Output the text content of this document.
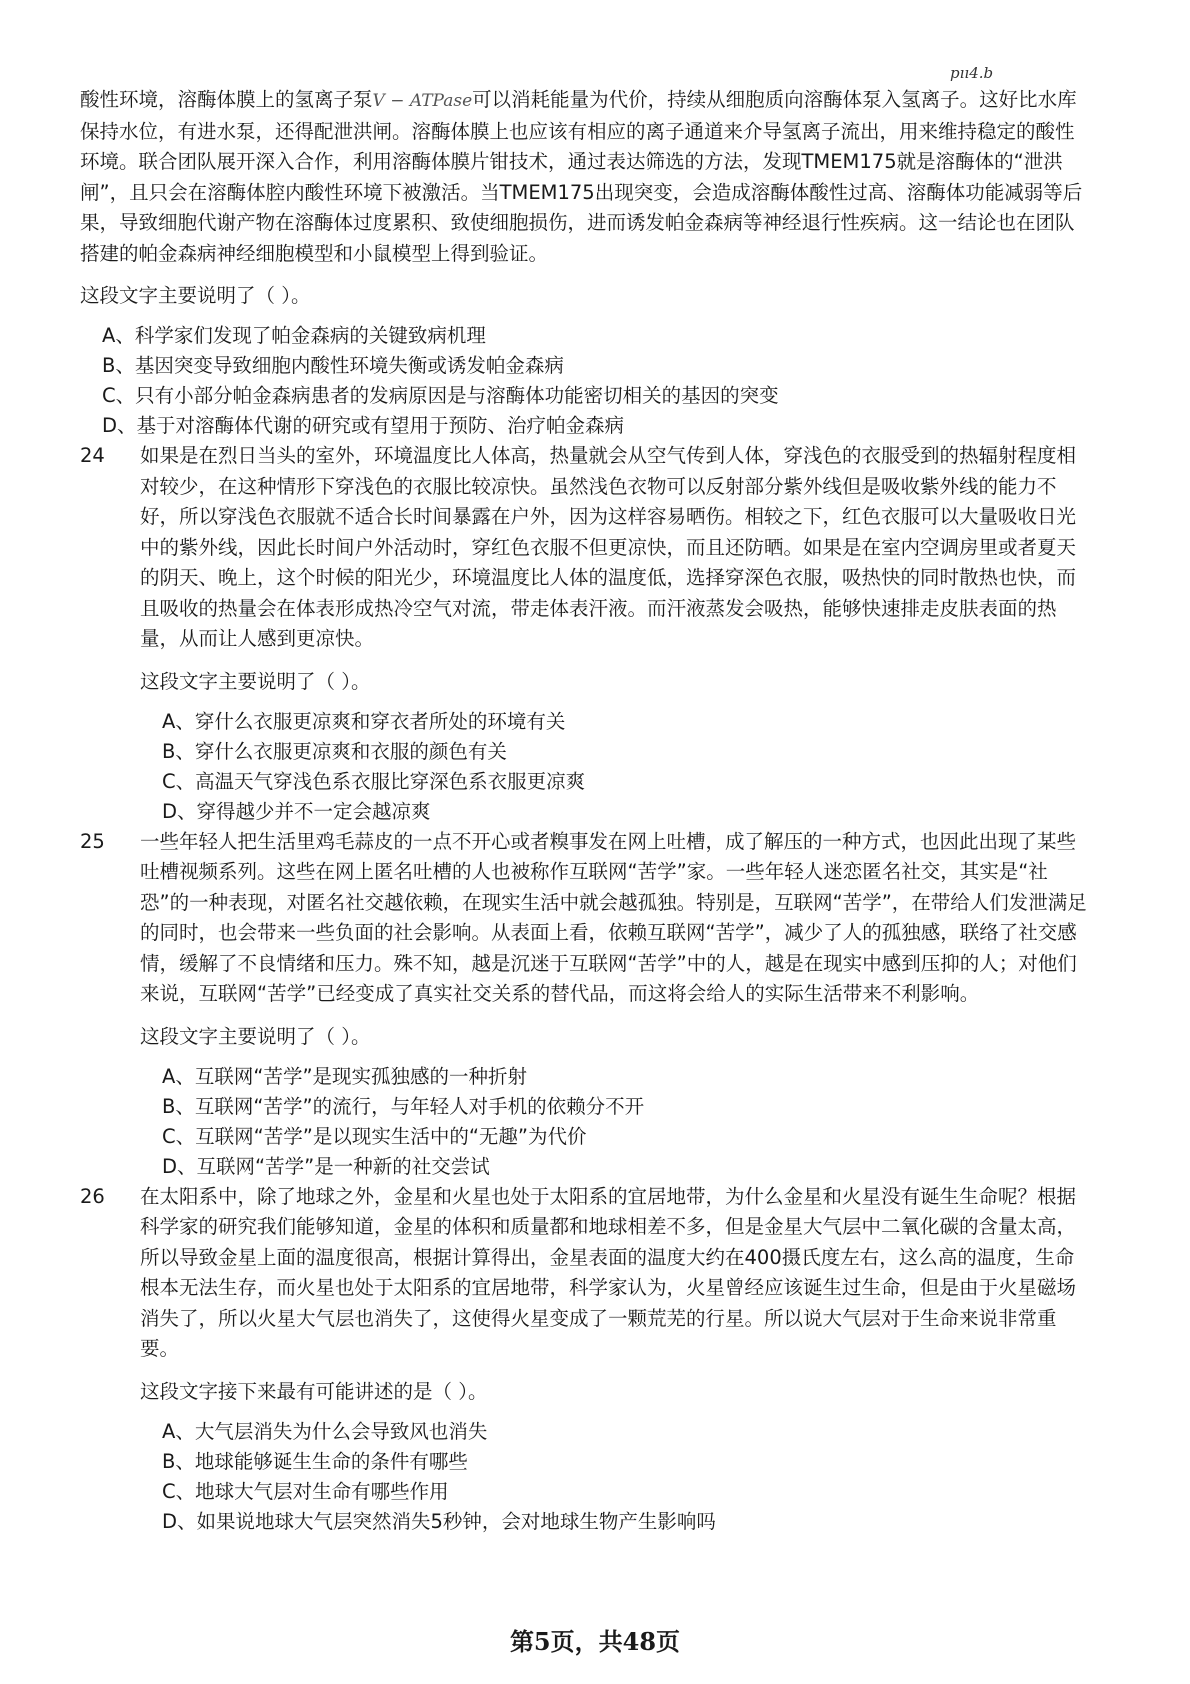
pıı4.b

酸性环境，溶酶体膜上的氢离子泵V − ATPase可以消耗能量为代价，持续从细胞质向溶酶体泵入氢离子。这好比水库保持水位，有进水泵，还得配泄洪闸。溶酶体膜上也应该有相应的离子通道来介导氢离子流出，用来维持稳定的酸性环境。联合团队展开深入合作，利用溶酶体膜片钳技术，通过表达筛选的方法，发现TMEM175就是溶酶体的“泄洪闸”，且只会在溶酶体腔内酸性环境下被激活。当TMEM175出现突变，会造成溶酶体酸性过高、溶酶体功能减弱等后果，导致细胞代谢产物在溶酶体过度累积、致使细胞损伤，进而诱发帕金森病等神经退行性疾病。这一结论也在团队搭建的帕金森病神经细胞模型和小鼠模型上得到验证。

这段文字主要说明了（ ）。

A、科学家们发现了帕金森病的关键致病机理

B、基因突变导致细胞内酸性环境失衡或诱发帕金森病

C、只有小部分帕金森病患者的发病原因是与溶酶体功能密切相关的基因的突变

D、基于对溶酶体代谢的研究或有望用于预防、治疗帕金森病

24 如果是在烈日当头的室外，环境温度比人体高，热量就会从空气传到人体，穿浅色的衣服受到的热辐射程度相对较少，在这种情形下穿浅色的衣服比较凉快。虽然浅色衣物可以反射部分紫外线但是吸收紫外线的能力不好，所以穿浅色衣服就不适合长时间暴露在户外，因为这样容易晒伤。相较之下，红色衣服可以大量吸收日光中的紫外线，因此长时间户外活动时，穿红色衣服不但更凉快，而且还防晒。如果是在室内空调房里或者夏天的阴天、晚上，这个时候的阳光少，环境温度比人体的温度低，选择穿深色衣服，吸热快的同时散热也快，而且吸收的热量会在体表形成热冷空气对流，带走体表汗液。而汗液蒸发会吸热，能够快速排走皮肤表面的热量，从而让人感到更凉快。

这段文字主要说明了（ ）。

A、穿什么衣服更凉爽和穿衣者所处的环境有关

B、穿什么衣服更凉爽和衣服的颜色有关

C、高温天气穿浅色系衣服比穿深色系衣服更凉爽

D、穿得越少并不一定会越凉爽

25 一些年轻人把生活里鸡毛蒜皮的一点不开心或者糗事发在网上吐槽，成了解压的一种方式，也因此出现了某些吐槽视频系列。这些在网上匿名吐槽的人也被称作互联网“苦学”家。一些年轻人迷恋匿名社交，其实是“社恐”的一种表现，对匿名社交越依赖，在现实生活中就会越孤独。特别是，互联网“苦学”，在带给人们发泄满足的同时，也会带来一些负面的社会影响。从表面上看，依赖互联网“苦学”，减少了人的孤独感，联络了社交感情，缓解了不良情绪和压力。殊不知，越是沉迷于互联网“苦学”中的人，越是在现实中感到压抑的人；对他们来说，互联网“苦学”已经变成了真实社交关系的替代品，而这将会给人的实际生活带来不利影响。

这段文字主要说明了（ ）。

A、互联网“苦学”是现实孤独感的一种折射

B、互联网“苦学”的流行，与年轻人对手机的依赖分不开

C、互联网“苦学”是以现实生活中的“无趣”为代价

D、互联网“苦学”是一种新的社交尝试

26 在太阳系中，除了地球之外，金星和火星也处于太阳系的宜居地带，为什么金星和火星没有诞生生命呢？根据科学家的研究我们能够知道，金星的体积和质量都和地球相差不多，但是金星大气层中二氧化碳的含量太高，所以导致金星上面的温度很高，根据计算得出，金星表面的温度大约在400摄氏度左右，这么高的温度，生命根本无法生存，而火星也处于太阳系的宜居地带，科学家认为，火星曾经应该诞生过生命，但是由于火星磁场消失了，所以火星大气层也消失了，这使得火星变成了一颗荒芜的行星。所以说大气层对于生命来说非常重要。

这段文字接下来最有可能讲述的是（ ）。

A、大气层消失为什么会导致风也消失

B、地球能够诞生生命的条件有哪些

C、地球大气层对生命有哪些作用

D、如果说地球大气层突然消失5秒钟，会对地球生物产生影响吗

第5页，共48页
